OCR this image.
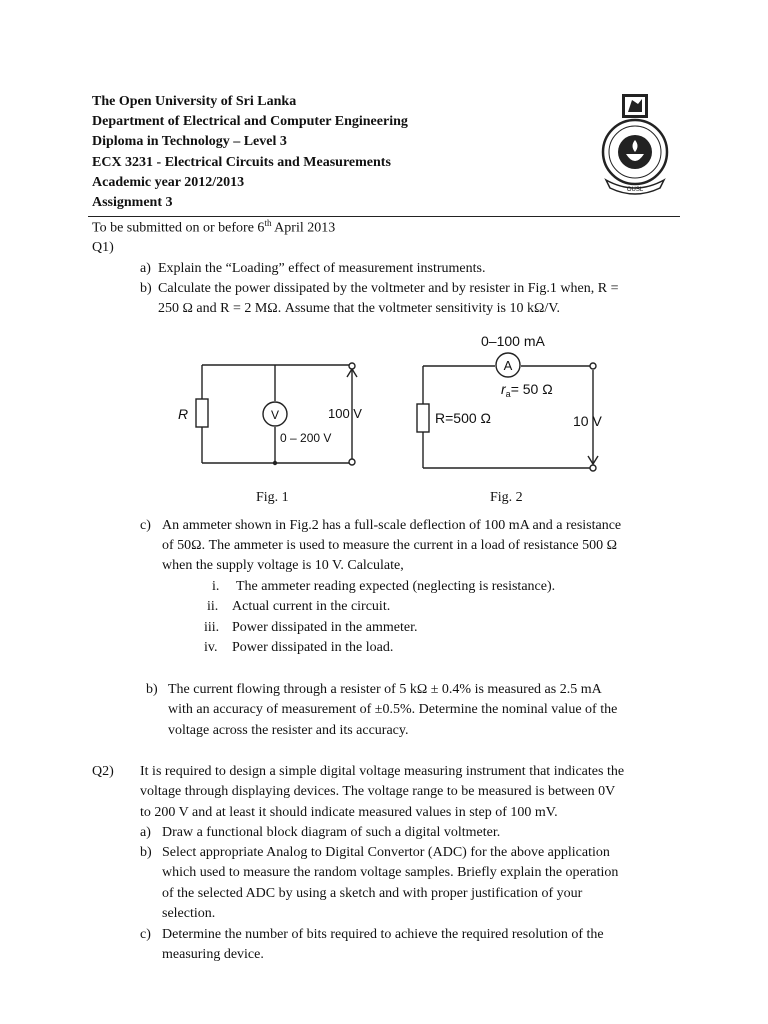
The Open University of Sri Lanka
Department of Electrical and Computer Engineering
Diploma in Technology – Level 3
ECX 3231 - Electrical Circuits and Measurements
Academic year 2012/2013
Assignment 3
OUSL
To be submitted on or before 6th April 2013
Q1)
a) Explain the “Loading” effect of measurement instruments.
b) Calculate the power dissipated by the voltmeter and by resister in Fig.1 when, R =
250 Ω and R = 2 MΩ. Assume that the voltmeter sensitivity is 10 kΩ/V.
R	V	100 V
0 – 200 V
0–100 mA
A
$r_a= 50$ Ω
R=500 Ω	10 V
Fig. 1	Fig. 2
c) An ammeter shown in Fig.2 has a full-scale deflection of 100 mA and a resistance
of 50Ω. The ammeter is used to measure the current in a load of resistance 500 Ω
when the supply voltage is 10 V. Calculate,
i. The ammeter reading expected (neglecting is resistance).
ii. Actual current in the circuit.
iii. Power dissipated in the ammeter.
iv. Power dissipated in the load.
b) The current flowing through a resister of 5 kΩ ± 0.4% is measured as 2.5 mA
with an accuracy of measurement of ±0.5%. Determine the nominal value of the
voltage across the resister and its accuracy.
Q2) It is required to design a simple digital voltage measuring instrument that indicates the
voltage through displaying devices. The voltage range to be measured is between 0V
to 200 V and at least it should indicate measured values in step of 100 mV.
a) Draw a functional block diagram of such a digital voltmeter.
b) Select appropriate Analog to Digital Convertor (ADC) for the above application
which used to measure the random voltage samples. Briefly explain the operation
of the selected ADC by using a sketch and with proper justification of your
selection.
c) Determine the number of bits required to achieve the required resolution of the
measuring device.
